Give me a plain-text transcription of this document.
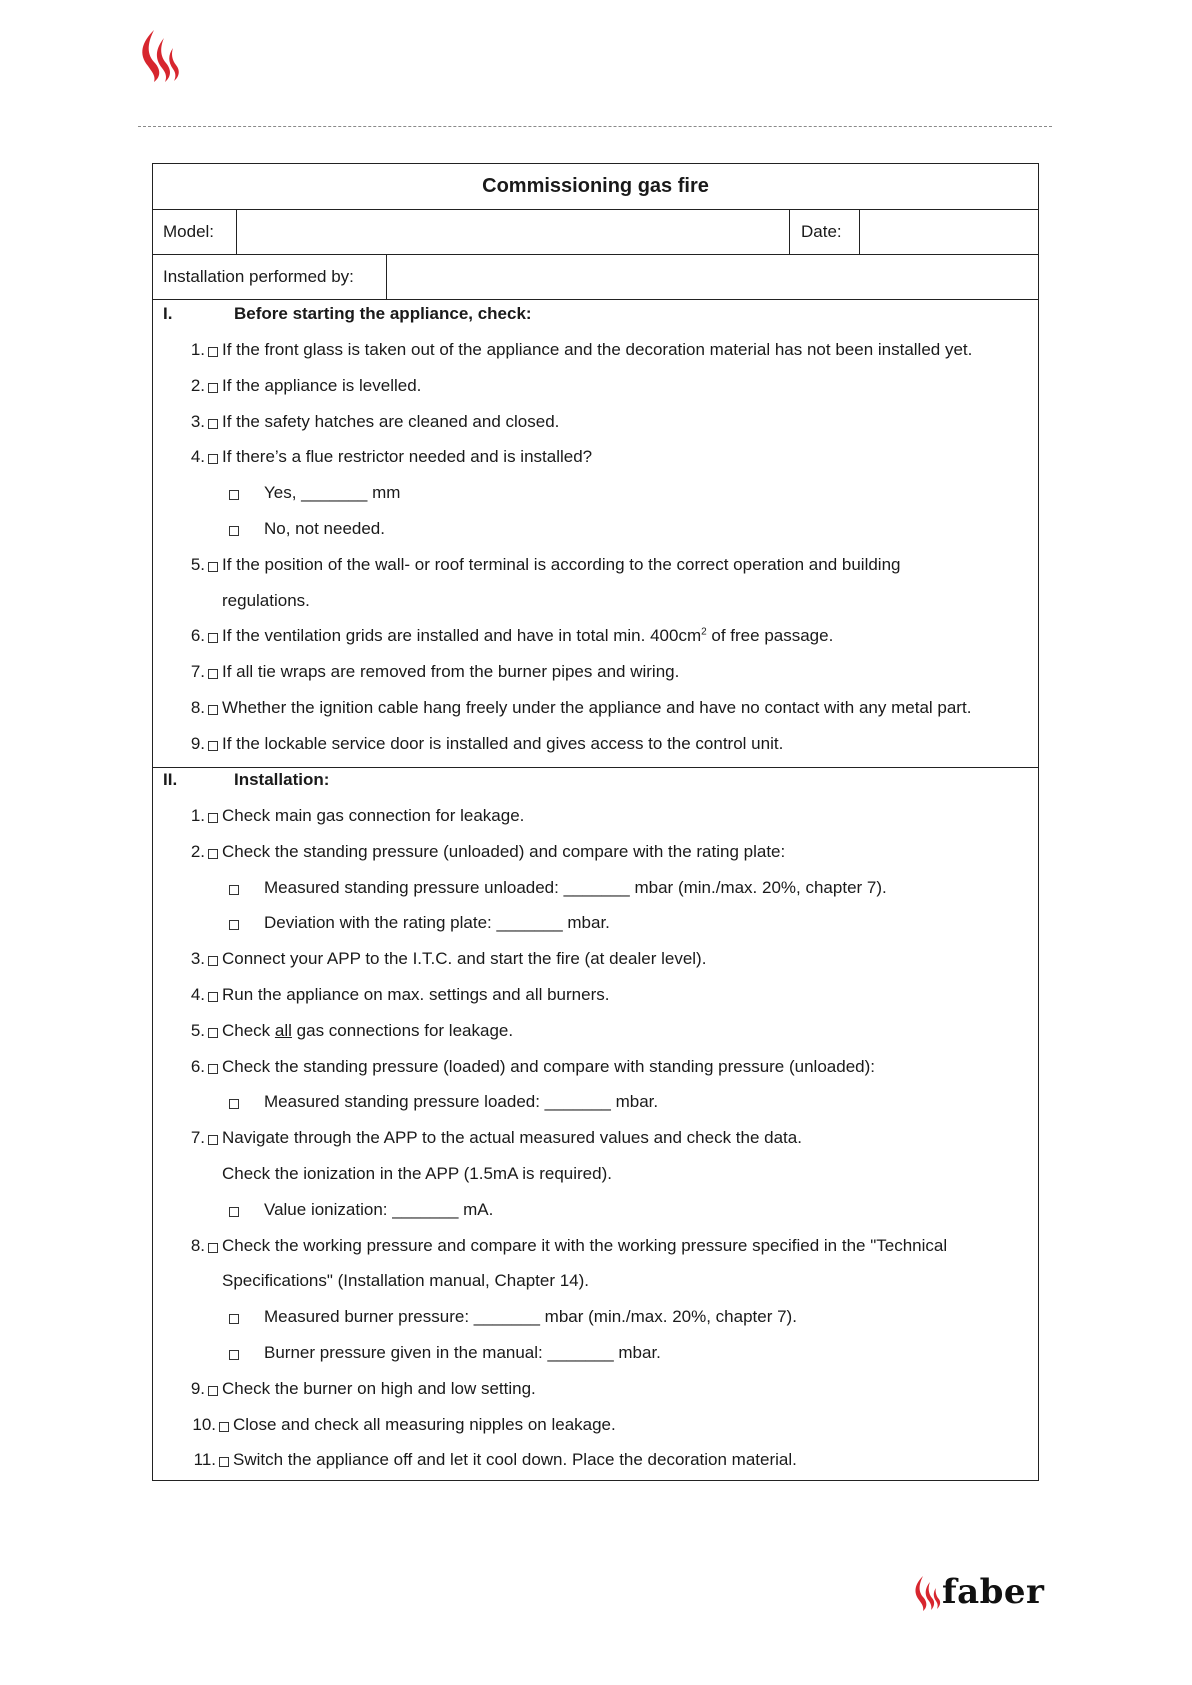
Commissioning gas fire
Model:	Date:
Installation performed by:
I.	Before starting the appliance, check:
1. If the front glass is taken out of the appliance and the decoration material has not been installed yet.
2. If the appliance is levelled.
3. If the safety hatches are cleaned and closed.
4. If there’s a flue restrictor needed and is installed?
Yes, _______ mm
No, not needed.
5. If the position of the wall- or roof terminal is according to the correct operation and building
regulations.
6. If the ventilation grids are installed and have in total min. $400cm^2$ of free passage.
7. If all tie wraps are removed from the burner pipes and wiring.
8. Whether the ignition cable hang freely under the appliance and have no contact with any metal part.
9. If the lockable service door is installed and gives access to the control unit.
II.	Installation:
1. Check main gas connection for leakage.
2. Check the standing pressure (unloaded) and compare with the rating plate:
Measured standing pressure unloaded: _______ mbar (min./max. 20%, chapter 7).
Deviation with the rating plate: _______ mbar.
3. Connect your APP to the I.T.C. and start the fire (at dealer level).
4. Run the appliance on max. settings and all burners.
5. Check all gas connections for leakage.
6. Check the standing pressure (loaded) and compare with standing pressure (unloaded):
Measured standing pressure loaded: _______ mbar.
7. Navigate through the APP to the actual measured values and check the data.
Check the ionization in the APP (1.5mA is required).
Value ionization: _______ mA.
8. Check the working pressure and compare it with the working pressure specified in the "Technical
Specifications" (Installation manual, Chapter 14).
Measured burner pressure: _______ mbar (min./max. 20%, chapter 7).
Burner pressure given in the manual: _______ mbar.
9. Check the burner on high and low setting.
10. Close and check all measuring nipples on leakage.
11. Switch the appliance off and let it cool down. Place the decoration material.
faber
